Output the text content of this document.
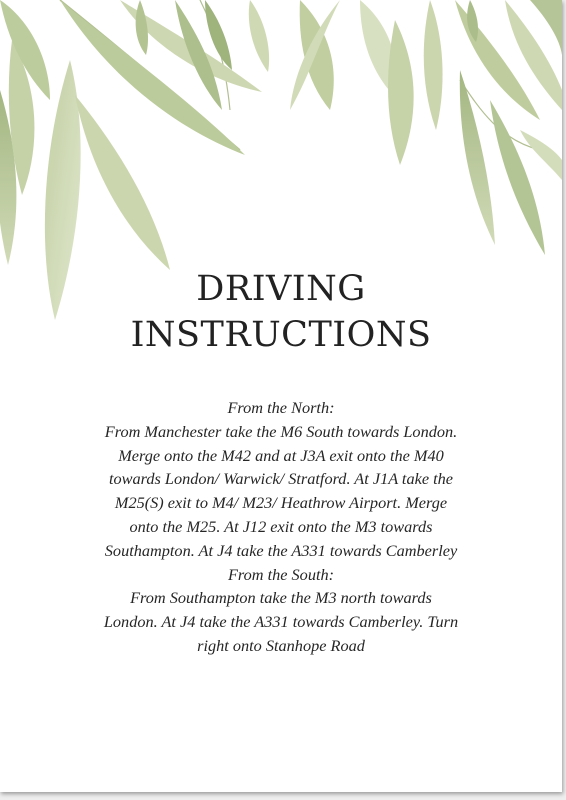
DRIVING
INSTRUCTIONS

From the North:

From Manchester take the M6 South towards London.

Merge onto the M42 and at J3A exit onto the M40

towards London/ Warwick/ Stratford. At J1A take the

M25(S) exit to M4/ M23/ Heathrow Airport. Merge

onto the M25. At J12 exit onto the M3 towards

Southampton. At J4 take the A331 towards Camberley

From the South:

From Southampton take the M3 north towards

London. At J4 take the A331 towards Camberley. Turn

right onto Stanhope Road
